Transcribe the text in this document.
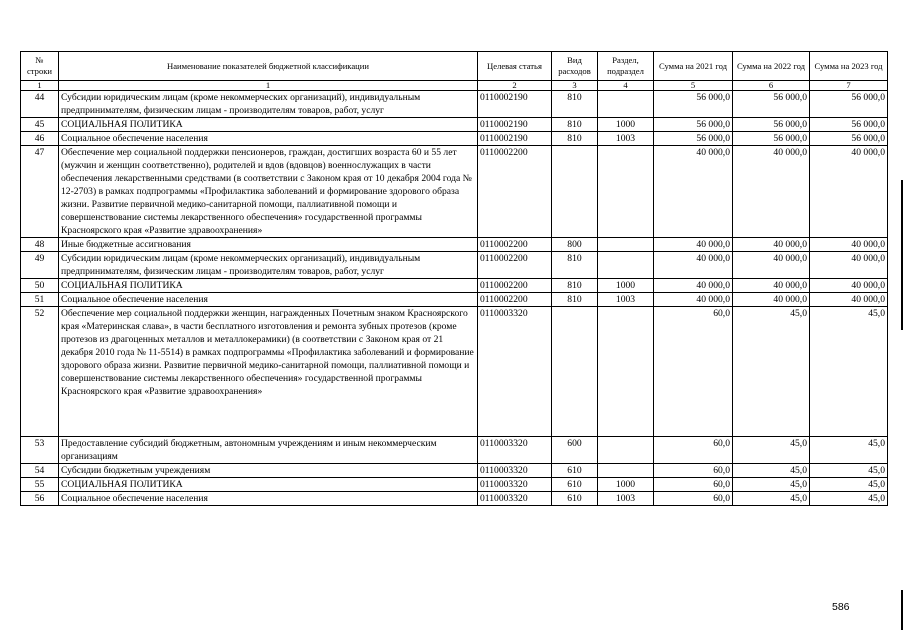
№ строки	Наименование показателей бюджетной классификации	Целевая статья	Вид расходов	Раздел, подраздел	Сумма на 2021 год	Сумма на 2022 год	Сумма на 2023 год
1	1	2	3	4	5	6	7
44	Субсидии юридическим лицам (кроме некоммерческих организаций), индивидуальным предпринимателям, физическим лицам - производителям товаров, работ, услуг	0110002190	810		56 000,0	56 000,0	56 000,0
45	СОЦИАЛЬНАЯ ПОЛИТИКА	0110002190	810	1000	56 000,0	56 000,0	56 000,0
46	Социальное обеспечение населения	0110002190	810	1003	56 000,0	56 000,0	56 000,0
47	Обеспечение мер социальной поддержки пенсионеров, граждан, достигших возраста 60 и 55 лет (мужчин и женщин соответственно), родителей и вдов (вдовцов) военнослужащих в части обеспечения лекарственными средствами (в соответствии с Законом края от 10 декабря 2004 года № 12-2703) в рамках подпрограммы «Профилактика заболеваний и формирование здорового образа жизни. Развитие первичной медико-санитарной помощи, паллиативной помощи и совершенствование системы лекарственного обеспечения» государственной программы Красноярского края «Развитие здравоохранения»	0110002200			40 000,0	40 000,0	40 000,0
48	Иные бюджетные ассигнования	0110002200	800		40 000,0	40 000,0	40 000,0
49	Субсидии юридическим лицам (кроме некоммерческих организаций), индивидуальным предпринимателям, физическим лицам - производителям товаров, работ, услуг	0110002200	810		40 000,0	40 000,0	40 000,0
50	СОЦИАЛЬНАЯ ПОЛИТИКА	0110002200	810	1000	40 000,0	40 000,0	40 000,0
51	Социальное обеспечение населения	0110002200	810	1003	40 000,0	40 000,0	40 000,0
52	Обеспечение мер социальной поддержки женщин, награжденных Почетным знаком Красноярского края «Материнская слава», в части бесплатного изготовления и ремонта зубных протезов (кроме протезов из драгоценных металлов и металлокерамики) (в соответствии с Законом края от 21 декабря 2010 года № 11-5514) в рамках подпрограммы «Профилактика заболеваний и формирование здорового образа жизни. Развитие первичной медико-санитарной помощи, паллиативной помощи и совершенствование системы лекарственного обеспечения» государственной программы Красноярского края «Развитие здравоохранения»	0110003320			60,0	45,0	45,0
53	Предоставление субсидий бюджетным, автономным учреждениям и иным некоммерческим организациям	0110003320	600		60,0	45,0	45,0
54	Субсидии бюджетным учреждениям	0110003320	610		60,0	45,0	45,0
55	СОЦИАЛЬНАЯ ПОЛИТИКА	0110003320	610	1000	60,0	45,0	45,0
56	Социальное обеспечение населения	0110003320	610	1003	60,0	45,0	45,0
586
